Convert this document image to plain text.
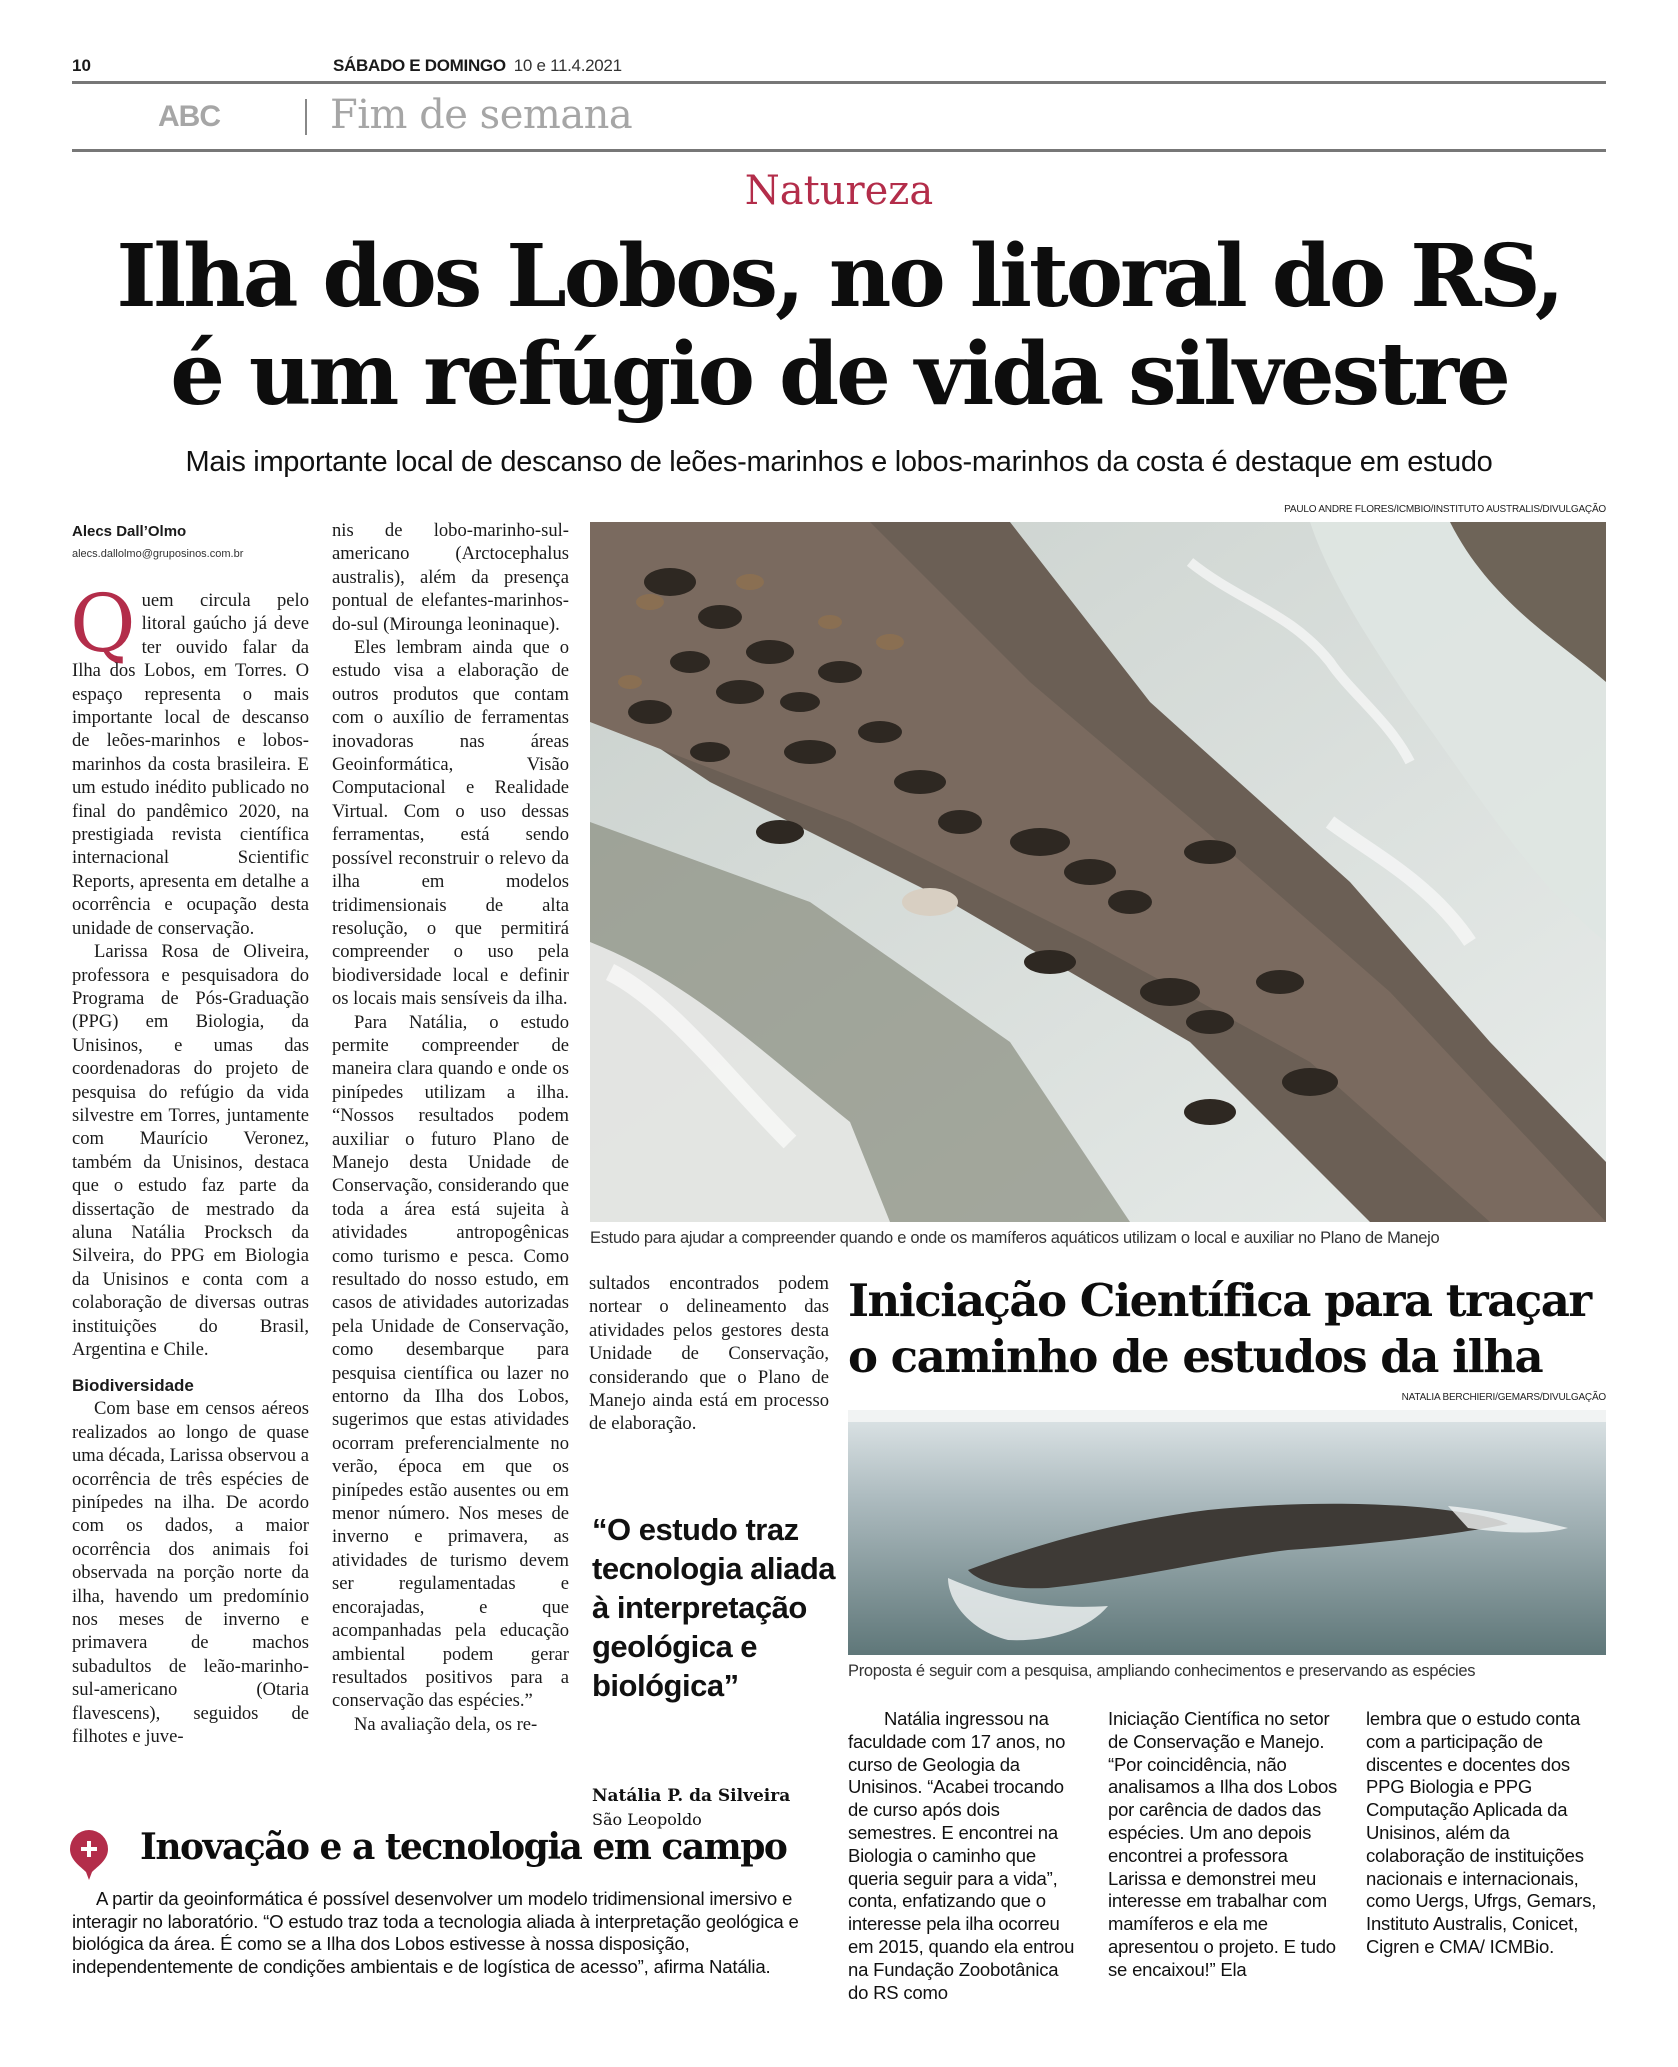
10	SÁBADO E DOMINGO 10 e 11.4.2021
ABC	Fim de semana
Natureza
Ilha dos Lobos, no litoral do RS,
é um refúgio de vida silvestre
Mais importante local de descanso de leões-marinhos e lobos-marinhos da costa é destaque em estudo
Alecs Dall’Olmo
alecs.dallolmo@gruposinos.com.br

Quem circula pelo litoral gaúcho já deve ter ouvido falar da Ilha dos Lobos, em Torres. O espaço representa o mais importante local de descanso de leões-marinhos e lobos-marinhos da costa brasileira. E um estudo inédito publicado no final do pandêmico 2020, na prestigiada revista científica internacional Scientific Reports, apresenta em detalhe a ocorrência e ocupação desta unidade de conservação.

Larissa Rosa de Oliveira, professora e pesquisadora do Programa de Pós-Graduação (PPG) em Biologia, da Unisinos, e umas das coordenadoras do projeto de pesquisa do refúgio da vida silvestre em Torres, juntamente com Maurício Veronez, também da Unisinos, destaca que o estudo faz parte da dissertação de mestrado da aluna Natália Procksch da Silveira, do PPG em Biologia da Unisinos e conta com a colaboração de diversas outras instituições do Brasil, Argentina e Chile.

Biodiversidade

Com base em censos aéreos realizados ao longo de quase uma década, Larissa observou a ocorrência de três espécies de pinípedes na ilha. De acordo com os dados, a maior ocorrência dos animais foi observada na porção norte da ilha, havendo um predomínio nos meses de inverno e primavera de machos subadultos de leão-marinho-sul-americano (Otaria flavescens), seguidos de filhotes e juve-

nis de lobo-marinho-sul-americano (Arctocephalus australis), além da presença pontual de elefantes-marinhos-do-sul (Mirounga leoninaque).

Eles lembram ainda que o estudo visa a elaboração de outros produtos que contam com o auxílio de ferramentas inovadoras nas áreas Geoinformática, Visão Computacional e Realidade Virtual. Com o uso dessas ferramentas, está sendo possível reconstruir o relevo da ilha em modelos tridimensionais de alta resolução, o que permitirá compreender o uso pela biodiversidade local e definir os locais mais sensíveis da ilha.

Para Natália, o estudo permite compreender de maneira clara quando e onde os pinípedes utilizam a ilha. “Nossos resultados podem auxiliar o futuro Plano de Manejo desta Unidade de Conservação, considerando que toda a área está sujeita à atividades antropogênicas como turismo e pesca. Como resultado do nosso estudo, em casos de atividades autorizadas pela Unidade de Conservação, como desembarque para pesquisa científica ou lazer no entorno da Ilha dos Lobos, sugerimos que estas atividades ocorram preferencialmente no verão, época em que os pinípedes estão ausentes ou em menor número. Nos meses de inverno e primavera, as atividades de turismo devem ser regulamentadas e encorajadas, e que acompanhadas pela educação ambiental podem gerar resultados positivos para a conservação das espécies.”

Na avaliação dela, os re-

PAULO ANDRE FLORES/ICMBIO/INSTITUTO AUSTRALIS/DIVULGAÇÃO
Estudo para ajudar a compreender quando e onde os mamíferos aquáticos utilizam o local e auxiliar no Plano de Manejo

sultados encontrados podem nortear o delineamento das atividades pelos gestores desta Unidade de Conservação, considerando que o Plano de Manejo ainda está em processo de elaboração.

“O estudo traz tecnologia aliada à interpretação geológica e biológica”
Natália P. da Silveira
São Leopoldo
Iniciação Científica para traçar o caminho de estudos da ilha
NATALIA BERCHIERI/GEMARS/DIVULGAÇÃO
Proposta é seguir com a pesquisa, ampliando conhecimentos e preservando as espécies

Natália ingressou na faculdade com 17 anos, no curso de Geologia da Unisinos. “Acabei trocando de curso após dois semestres. E encontrei na Biologia o caminho que queria seguir para a vida”, conta, enfatizando que o interesse pela ilha ocorreu em 2015, quando ela entrou na Fundação Zoobotânica do RS como

Iniciação Científica no setor de Conservação e Manejo. “Por coincidência, não analisamos a Ilha dos Lobos por carência de dados das espécies. Um ano depois encontrei a professora Larissa e demonstrei meu interesse em trabalhar com mamíferos e ela me apresentou o projeto. E tudo se encaixou!” Ela

lembra que o estudo conta com a participação de discentes e docentes dos PPG Biologia e PPG Computação Aplicada da Unisinos, além da colaboração de instituições nacionais e internacionais, como Uergs, Ufrgs, Gemars, Instituto Australis, Conicet, Cigren e CMA/ ICMBio.

Inovação e a tecnologia em campo

A partir da geoinformática é possível desenvolver um modelo tridimensional imersivo e interagir no laboratório. “O estudo traz toda a tecnologia aliada à interpretação geológica e biológica da área. É como se a Ilha dos Lobos estivesse à nossa disposição, independentemente de condições ambientais e de logística de acesso”, afirma Natália.
